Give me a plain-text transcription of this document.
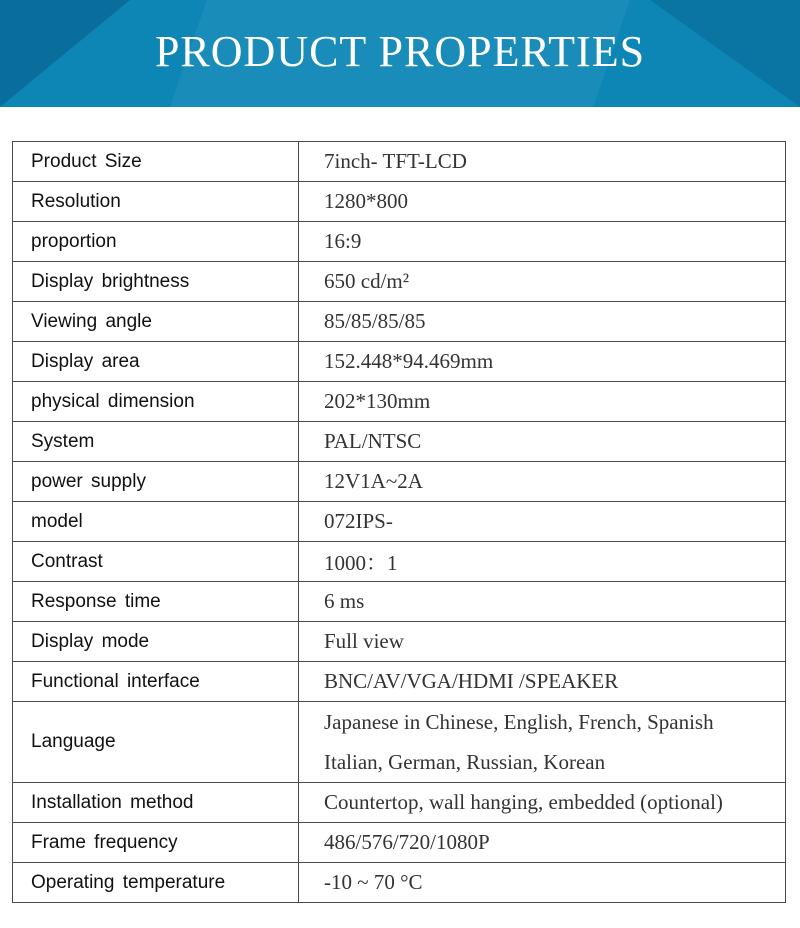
PRODUCT PROPERTIES
Product Size	7inch- TFT-LCD
Resolution	1280*800
proportion	16:9
Display brightness	650 cd/m²
Viewing angle	85/85/85/85
Display area	152.448*94.469mm
physical dimension	202*130mm
System	PAL/NTSC
power supply	12V1A~2A
model	072IPS-
Contrast	1000：1
Response time	6 ms
Display mode	Full view
Functional interface	BNC/AV/VGA/HDMI /SPEAKER
Language	Japanese in Chinese, English, French, Spanish
Italian, German, Russian, Korean

Installation method	Countertop, wall hanging, embedded (optional)
Frame frequency	486/576/720/1080P
Operating temperature	-10 ~ 70 °C
